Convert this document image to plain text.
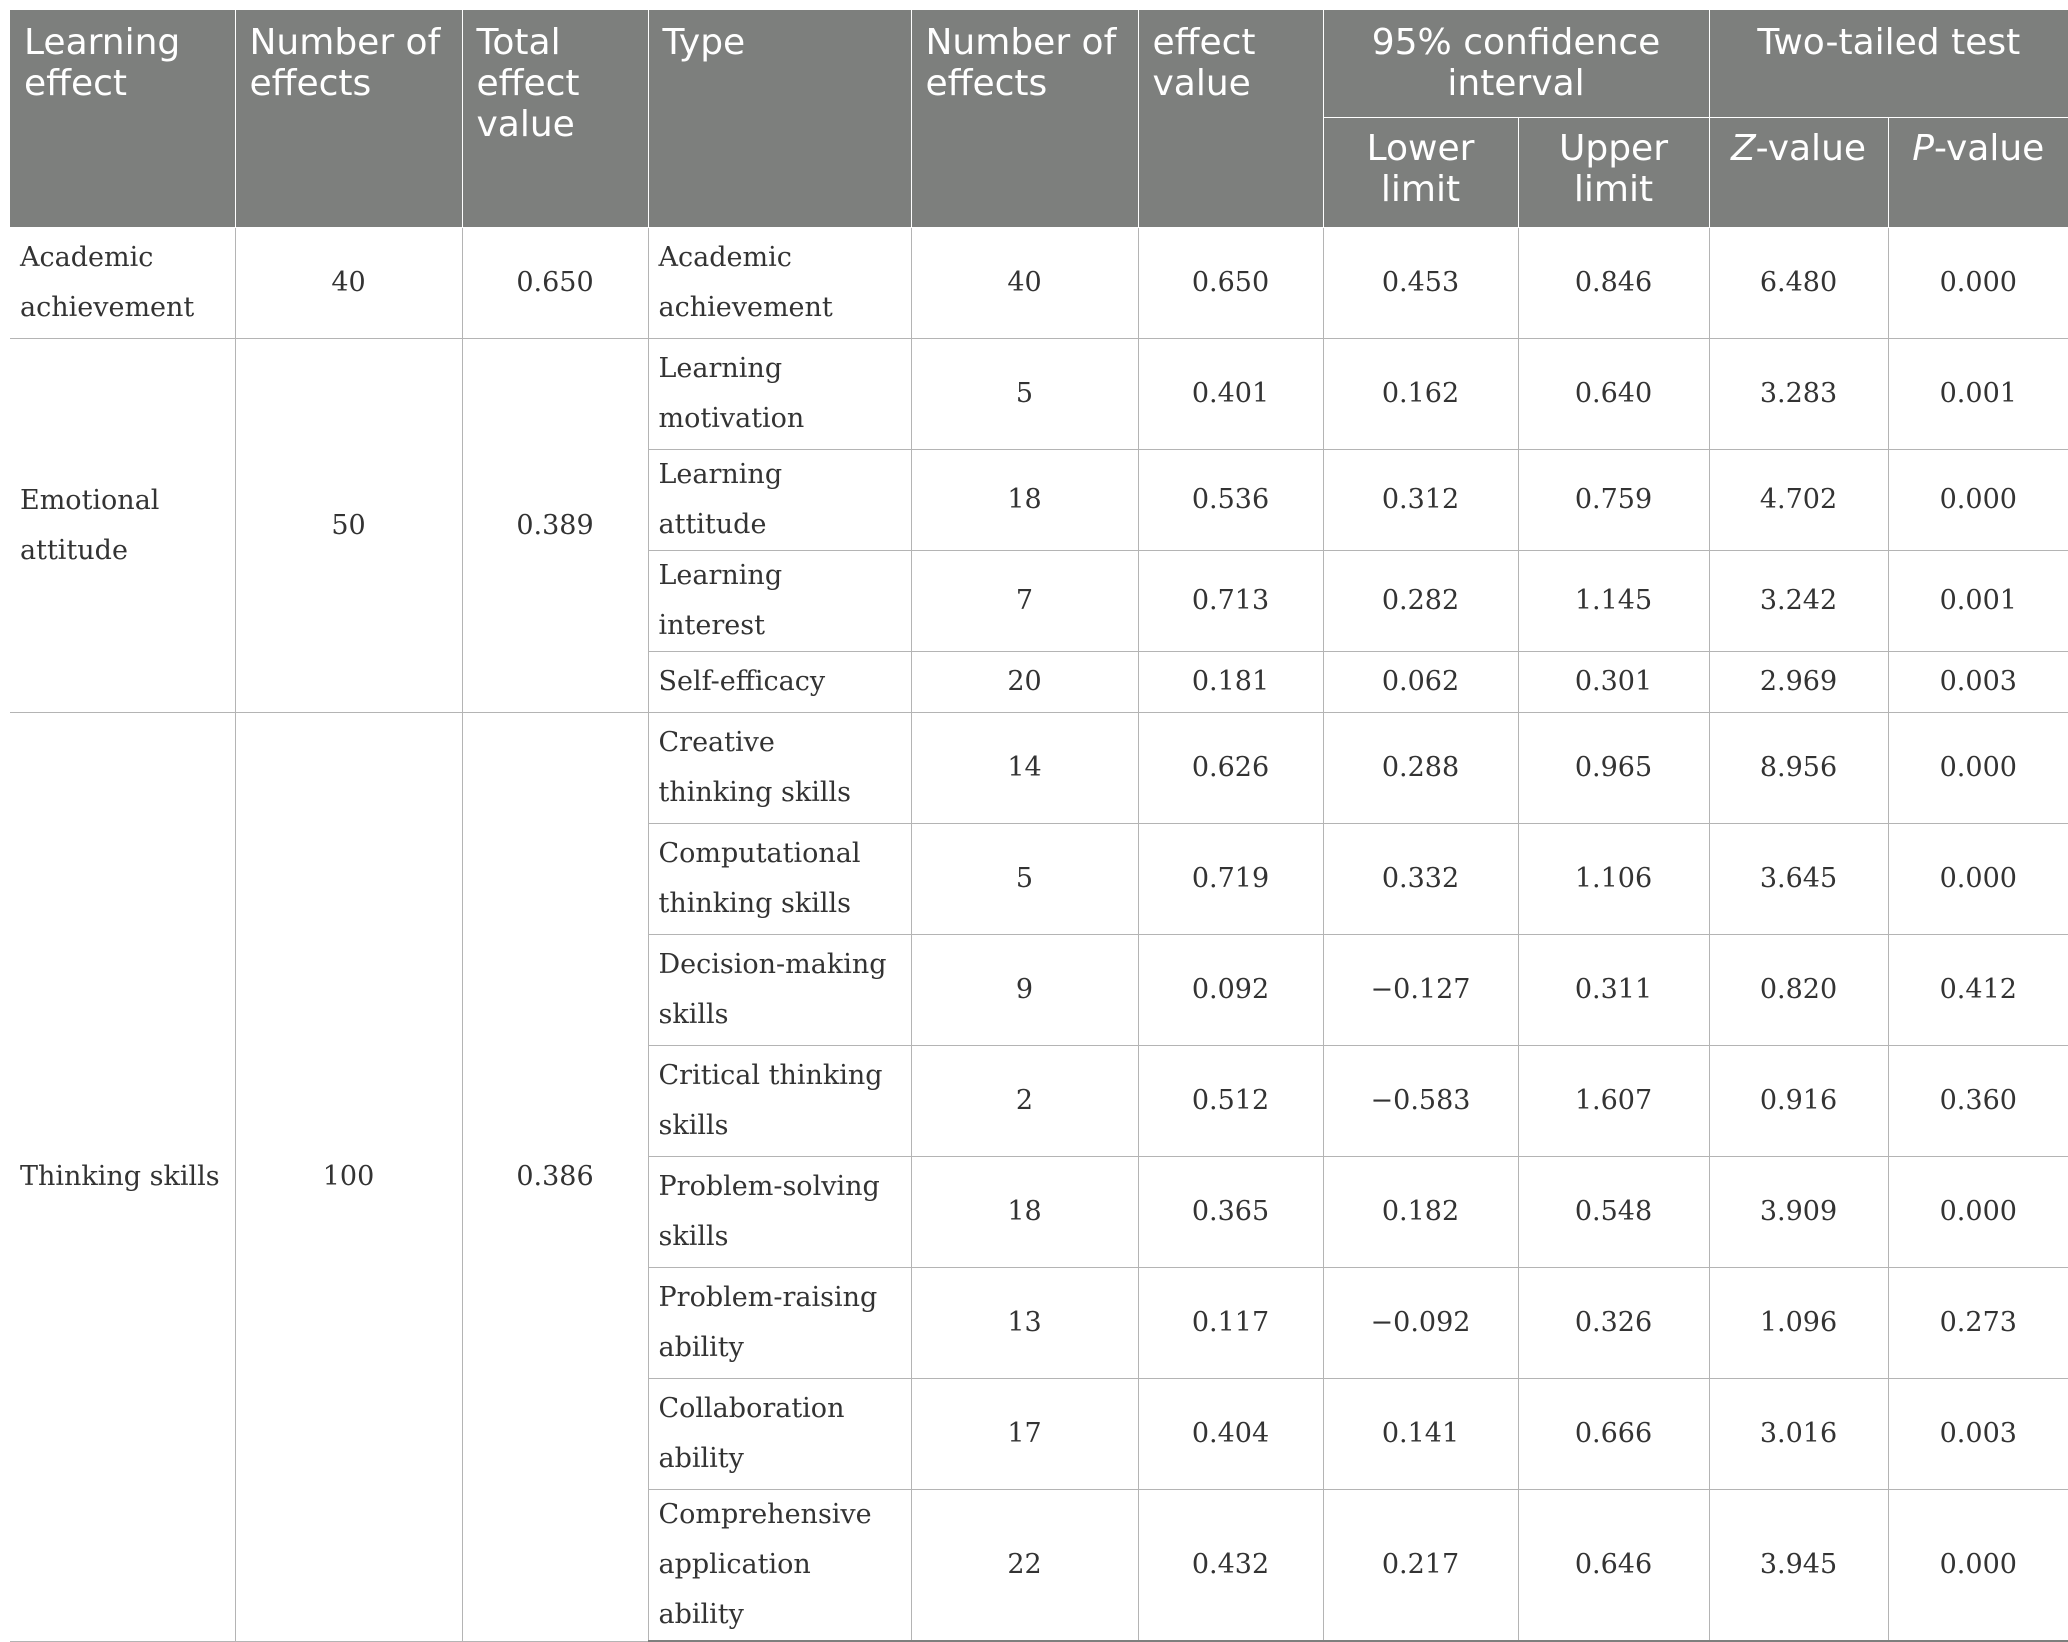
Learning effect	Number of effects	Total effect value	Type	Number of effects	effect value	95% confidence interval		Two-tailed test	
						Lower limit	Upper limit	Z-value	P-value
Academic achievement	40	0.650	Academic achievement	40	0.650	0.453	0.846	6.480	0.000
Emotional attitude	50	0.389	Learning motivation	5	0.401	0.162	0.640	3.283	0.001
			Learning attitude	18	0.536	0.312	0.759	4.702	0.000
			Learning interest	7	0.713	0.282	1.145	3.242	0.001
			Self-efficacy	20	0.181	0.062	0.301	2.969	0.003
Thinking skills	100	0.386	Creative thinking skills	14	0.626	0.288	0.965	8.956	0.000
			Computational thinking skills	5	0.719	0.332	1.106	3.645	0.000
			Decision-making skills	9	0.092	−0.127	0.311	0.820	0.412
			Critical thinking skills	2	0.512	−0.583	1.607	0.916	0.360
			Problem-solving skills	18	0.365	0.182	0.548	3.909	0.000
			Problem-raising ability	13	0.117	−0.092	0.326	1.096	0.273
			Collaboration ability	17	0.404	0.141	0.666	3.016	0.003
			Comprehensive application ability	22	0.432	0.217	0.646	3.945	0.000
